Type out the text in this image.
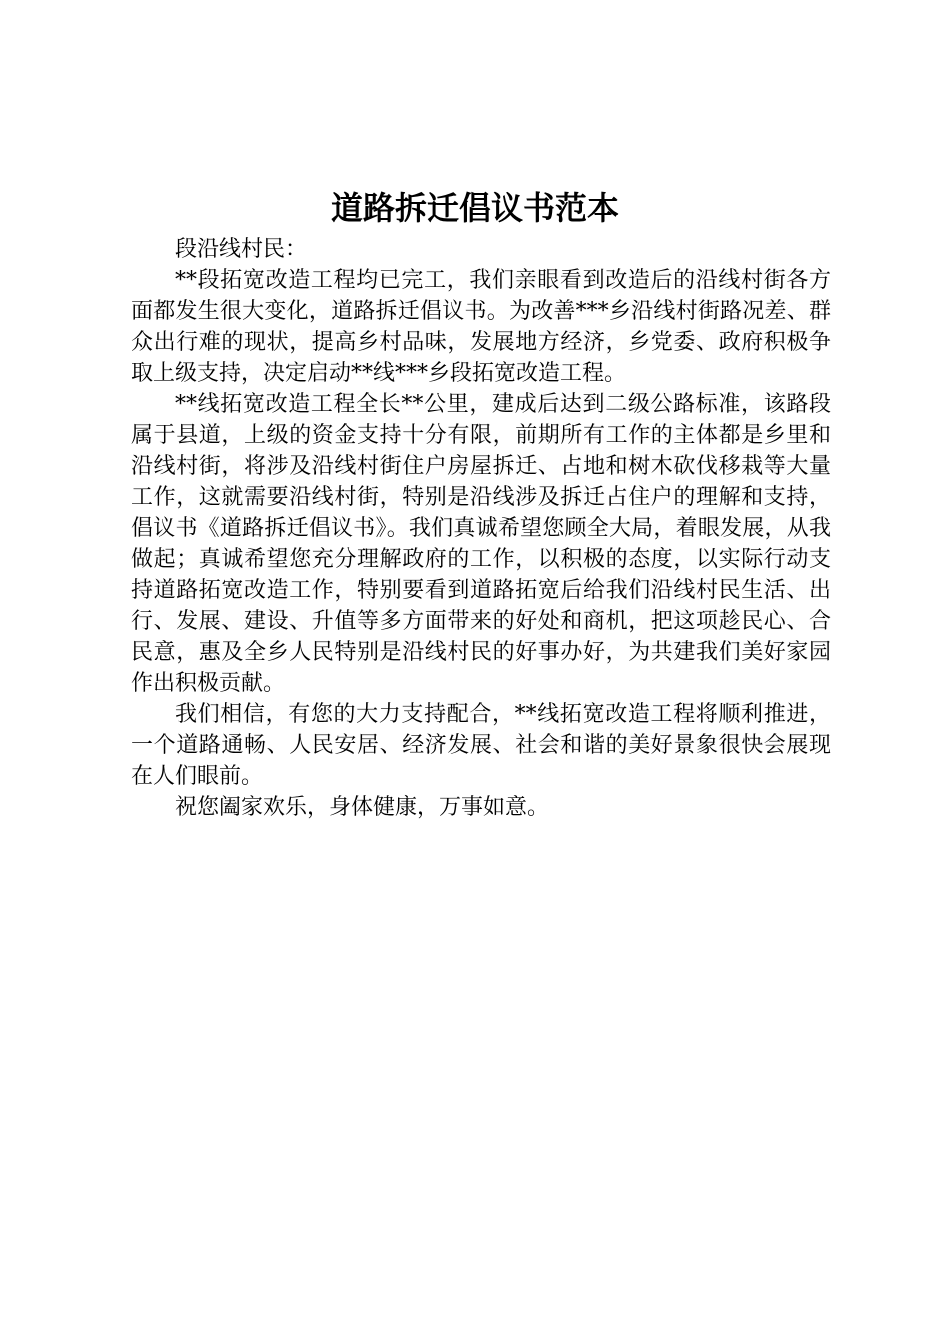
道路拆迁倡议书范本

段沿线村民：

**段拓宽改造工程均已完工，我们亲眼看到改造后的沿线村街各方面都发生很大变化，道路拆迁倡议书。为改善***乡沿线村街路况差、群众出行难的现状，提高乡村品味，发展地方经济，乡党委、政府积极争取上级支持，决定启动**线***乡段拓宽改造工程。

**线拓宽改造工程全长**公里，建成后达到二级公路标准，该路段属于县道，上级的资金支持十分有限，前期所有工作的主体都是乡里和沿线村街，将涉及沿线村街住户房屋拆迁、占地和树木砍伐移栽等大量工作，这就需要沿线村街，特别是沿线涉及拆迁占住户的理解和支持，倡议书《道路拆迁倡议书》。我们真诚希望您顾全大局，着眼发展，从我做起；真诚希望您充分理解政府的工作，以积极的态度，以实际行动支持道路拓宽改造工作，特别要看到道路拓宽后给我们沿线村民生活、出行、发展、建设、升值等多方面带来的好处和商机，把这项趁民心、合民意，惠及全乡人民特别是沿线村民的好事办好，为共建我们美好家园作出积极贡献。

我们相信，有您的大力支持配合，**线拓宽改造工程将顺利推进，一个道路通畅、人民安居、经济发展、社会和谐的美好景象很快会展现在人们眼前。

祝您阖家欢乐，身体健康，万事如意。
